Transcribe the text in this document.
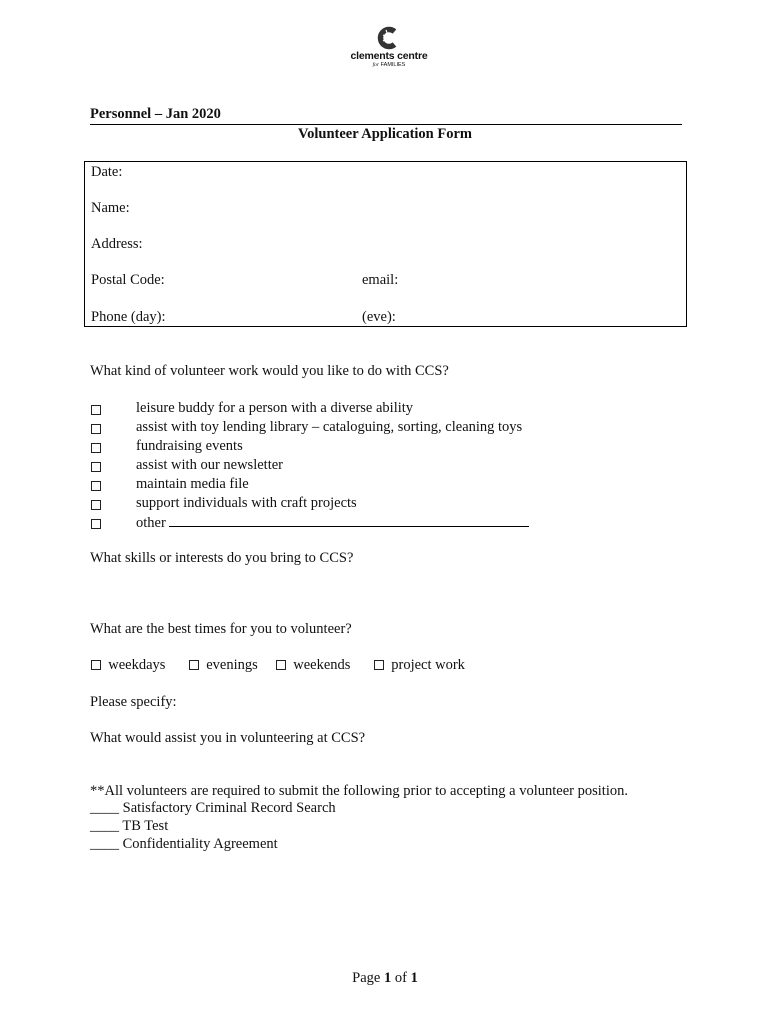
clements centre
for FAMILIES
Personnel – Jan 2020
Volunteer Application Form
Date:
Name:
Address:
Postal Code:	email:
Phone (day):	(eve):
What kind of volunteer work would you like to do with CCS?
leisure buddy for a person with a diverse ability
assist with toy lending library – cataloguing, sorting, cleaning toys
fundraising events
assist with our newsletter
maintain media file
support individuals with craft projects
other
What skills or interests do you bring to CCS?
What are the best times for you to volunteer?
weekdays	evenings	weekends	project work
Please specify:
What would assist you in volunteering at CCS?
**All volunteers are required to submit the following prior to accepting a volunteer position.
____ Satisfactory Criminal Record Search
____ TB Test
____ Confidentiality Agreement
Page 1 of 1
